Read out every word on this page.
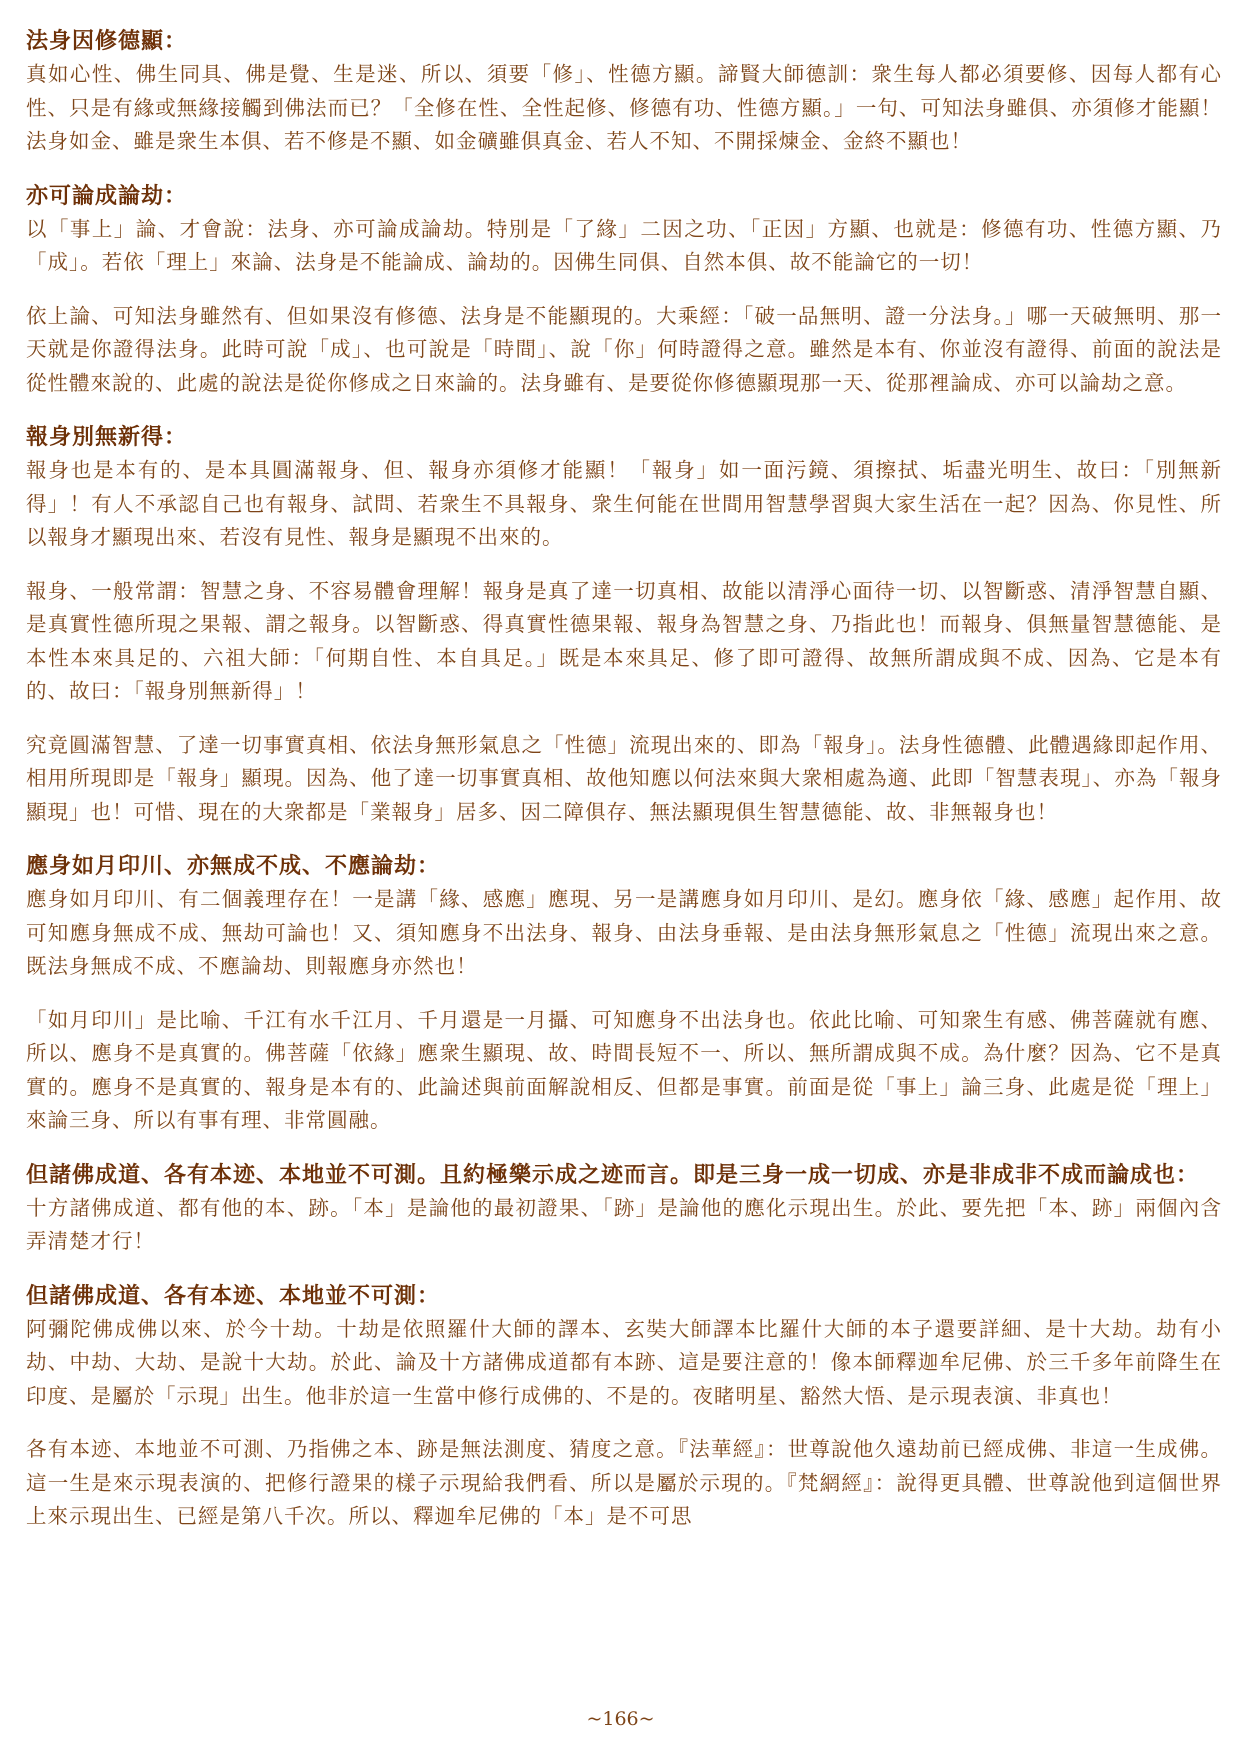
法身因修德顯：

真如心性、佛生同具、佛是覺、生是迷、所以、須要「修」、性德方顯。諦賢大師德訓：衆生每人都必須要修、因每人都有心性、只是有緣或無緣接觸到佛法而已？「全修在性、全性起修、修德有功、性德方顯。」一句、可知法身雖俱、亦須修才能顯！法身如金、雖是衆生本俱、若不修是不顯、如金礦雖俱真金、若人不知、不開採煉金、金終不顯也！

亦可論成論劫：

以「事上」論、才會說：法身、亦可論成論劫。特別是「了緣」二因之功、「正因」方顯、也就是：修德有功、性德方顯、乃「成」。若依「理上」來論、法身是不能論成、論劫的。因佛生同俱、自然本俱、故不能論它的一切！

依上論、可知法身雖然有、但如果沒有修德、法身是不能顯現的。大乘經：「破一品無明、證一分法身。」哪一天破無明、那一天就是你證得法身。此時可說「成」、也可說是「時間」、說「你」何時證得之意。雖然是本有、你並沒有證得、前面的說法是從性體來說的、此處的說法是從你修成之日來論的。法身雖有、是要從你修德顯現那一天、從那裡論成、亦可以論劫之意。

報身別無新得：

報身也是本有的、是本具圓滿報身、但、報身亦須修才能顯！「報身」如一面污鏡、須擦拭、垢盡光明生、故曰：「別無新得」！有人不承認自己也有報身、試問、若衆生不具報身、衆生何能在世間用智慧學習與大家生活在一起？因為、你見性、所以報身才顯現出來、若沒有見性、報身是顯現不出來的。

報身、一般常謂：智慧之身、不容易體會理解！報身是真了達一切真相、故能以清淨心面待一切、以智斷惑、清淨智慧自顯、是真實性德所現之果報、謂之報身。以智斷惑、得真實性德果報、報身為智慧之身、乃指此也！而報身、俱無量智慧德能、是本性本來具足的、六祖大師：「何期自性、本自具足。」既是本來具足、修了即可證得、故無所謂成與不成、因為、它是本有的、故曰：「報身別無新得」！

究竟圓滿智慧、了達一切事實真相、依法身無形氣息之「性德」流現出來的、即為「報身」。法身性德體、此體遇緣即起作用、相用所現即是「報身」顯現。因為、他了達一切事實真相、故他知應以何法來與大衆相處為適、此即「智慧表現」、亦為「報身顯現」也！可惜、現在的大衆都是「業報身」居多、因二障俱存、無法顯現俱生智慧德能、故、非無報身也！

應身如月印川、亦無成不成、不應論劫：

應身如月印川、有二個義理存在！一是講「緣、感應」應現、另一是講應身如月印川、是幻。應身依「緣、感應」起作用、故可知應身無成不成、無劫可論也！又、須知應身不出法身、報身、由法身垂報、是由法身無形氣息之「性德」流現出來之意。既法身無成不成、不應論劫、則報應身亦然也！

「如月印川」是比喻、千江有水千江月、千月還是一月攝、可知應身不出法身也。依此比喻、可知衆生有感、佛菩薩就有應、所以、應身不是真實的。佛菩薩「依緣」應衆生顯現、故、時間長短不一、所以、無所謂成與不成。為什麼？因為、它不是真實的。應身不是真實的、報身是本有的、此論述與前面解說相反、但都是事實。前面是從「事上」論三身、此處是從「理上」來論三身、所以有事有理、非常圓融。

但諸佛成道、各有本迹、本地並不可測。且約極樂示成之迹而言。即是三身一成一切成、亦是非成非不成而論成也：

十方諸佛成道、都有他的本、跡。「本」是論他的最初證果、「跡」是論他的應化示現出生。於此、要先把「本、跡」兩個內含弄清楚才行！

但諸佛成道、各有本迹、本地並不可測：

阿彌陀佛成佛以來、於今十劫。十劫是依照羅什大師的譯本、玄奘大師譯本比羅什大師的本子還要詳細、是十大劫。劫有小劫、中劫、大劫、是說十大劫。於此、論及十方諸佛成道都有本跡、這是要注意的！像本師釋迦牟尼佛、於三千多年前降生在印度、是屬於「示現」出生。他非於這一生當中修行成佛的、不是的。夜睹明星、豁然大悟、是示現表演、非真也！

各有本迹、本地並不可測、乃指佛之本、跡是無法測度、猜度之意。『法華經』：世尊說他久遠劫前已經成佛、非這一生成佛。這一生是來示現表演的、把修行證果的樣子示現給我們看、所以是屬於示現的。『梵網經』：說得更具體、世尊說他到這個世界上來示現出生、已經是第八千次。所以、釋迦牟尼佛的「本」是不可思

~166~
